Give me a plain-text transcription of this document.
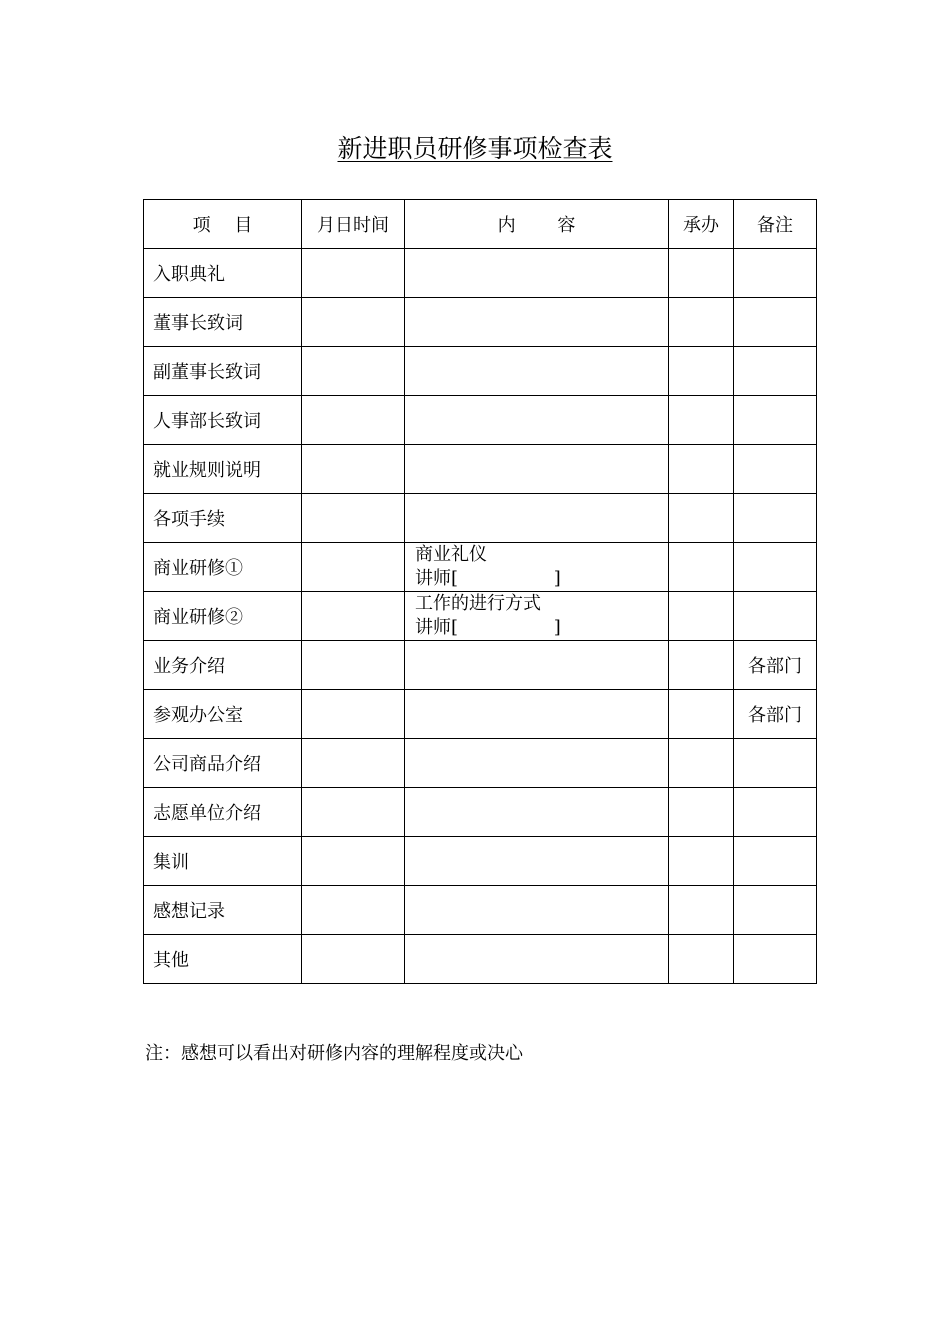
新进职员研修事项检查表
项　 目	月日时间	内　　 容	承办	备注
入职典礼				
董事长致词				
副董事长致词				
人事部长致词				
就业规则说明				
各项手续				
商业研修①		商业礼仪
讲师[　　　　　 ]		

商业研修②		工作的进行方式
讲师[　　　　　 ]		

业务介绍				各部门
参观办公室				各部门
公司商品介绍				
志愿单位介绍				
集训				
感想记录				
其他				
注：感想可以看出对研修内容的理解程度或决心
